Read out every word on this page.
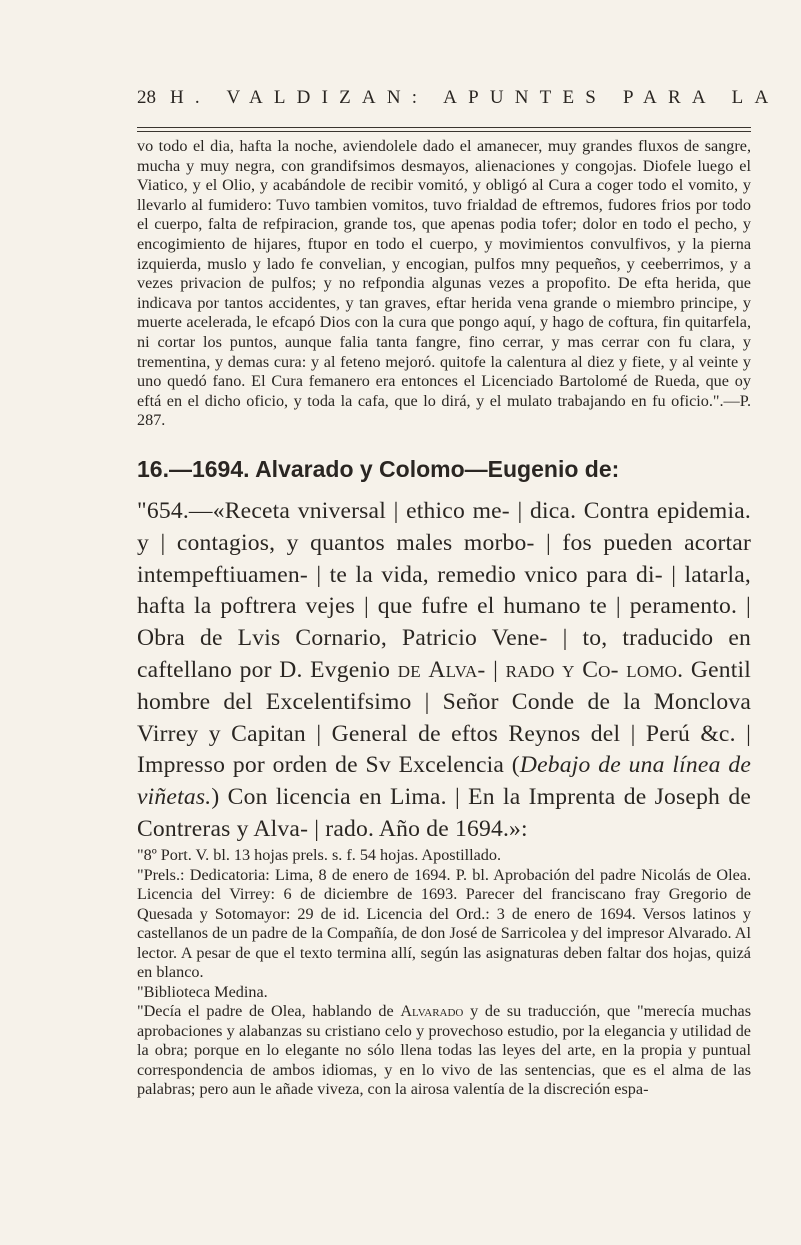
28 H. VALDIZAN: APUNTES PARA LA

vo todo el dia, hafta la noche, aviendolele dado el amanecer, muy grandes fluxos de sangre, mucha y muy negra, con grandifsimos desmayos, alienaciones y congojas. Diofele luego el Viatico, y el Olio, y acabándole de recibir vomitó, y obligó al Cura a coger todo el vomito, y llevarlo al fumidero: Tuvo tambien vomitos, tuvo frialdad de eftremos, fudores frios por todo el cuerpo, falta de refpiracion, grande tos, que apenas podia tofer; dolor en todo el pecho, y encogimiento de hijares, ftupor en todo el cuerpo, y movimientos convulfivos, y la pierna izquierda, muslo y lado fe convelian, y encogian, pulfos mny pequeños, y ceeberrimos, y a vezes privacion de pulfos; y no refpondia algunas vezes a propofito. De efta herida, que indicava por tantos accidentes, y tan graves, eftar herida vena grande o miembro principe, y muerte acelerada, le efcapó Dios con la cura que pongo aquí, y hago de coftura, fin quitarfela, ni cortar los puntos, aunque falia tanta fangre, fino cerrar, y mas cerrar con fu clara, y trementina, y demas cura: y al feteno mejoró. quitofe la calentura al diez y fiete, y al veinte y uno quedó fano. El Cura femanero era entonces el Licenciado Bartolomé de Rueda, que oy eftá en el dicho oficio, y toda la cafa, que lo dirá, y el mulato trabajando en fu oficio.".—P. 287.

16.—1694. Alvarado y Colomo—Eugenio de:

"654.—«Receta vniversal | ethico me- | dica. Contra epidemia. y | contagios, y quantos males morbo- | fos pueden acortar intempeftiuamen- | te la vida, remedio vnico para di- | latarla, hafta la poftrera vejes | que fufre el humano te | peramento. | Obra de Lvis Cornario, Patricio Vene- | to, traducido en caftellano por D. Evgenio de Alva- | rado y Co- lomo. Gentil hombre del Excelentifsimo | Señor Conde de la Monclova Virrey y Capitan | General de eftos Reynos del | Perú &c. | Impresso por orden de Sv Excelencia (Debajo de una línea de viñetas.) Con licencia en Lima. | En la Imprenta de Joseph de Contreras y Alva- | rado. Año de 1694.»:

"8º Port. V. bl. 13 hojas prels. s. f. 54 hojas. Apostillado.

"Prels.: Dedicatoria: Lima, 8 de enero de 1694. P. bl. Aprobación del padre Nicolás de Olea. Licencia del Virrey: 6 de diciembre de 1693. Parecer del franciscano fray Gregorio de Quesada y Sotomayor: 29 de id. Licencia del Ord.: 3 de enero de 1694. Versos latinos y castellanos de un padre de la Compañía, de don José de Sarricolea y del impresor Alvarado. Al lector. A pesar de que el texto termina allí, según las asignaturas deben faltar dos hojas, quizá en blanco.

"Biblioteca Medina.

"Decía el padre de Olea, hablando de Alvarado y de su traducción, que "merecía muchas aprobaciones y alabanzas su cristiano celo y provechoso estudio, por la elegancia y utilidad de la obra; porque en lo elegante no sólo llena todas las leyes del arte, en la propia y puntual correspondencia de ambos idiomas, y en lo vivo de las sentencias, que es el alma de las palabras; pero aun le añade viveza, con la airosa valentía de la discreción espa-
